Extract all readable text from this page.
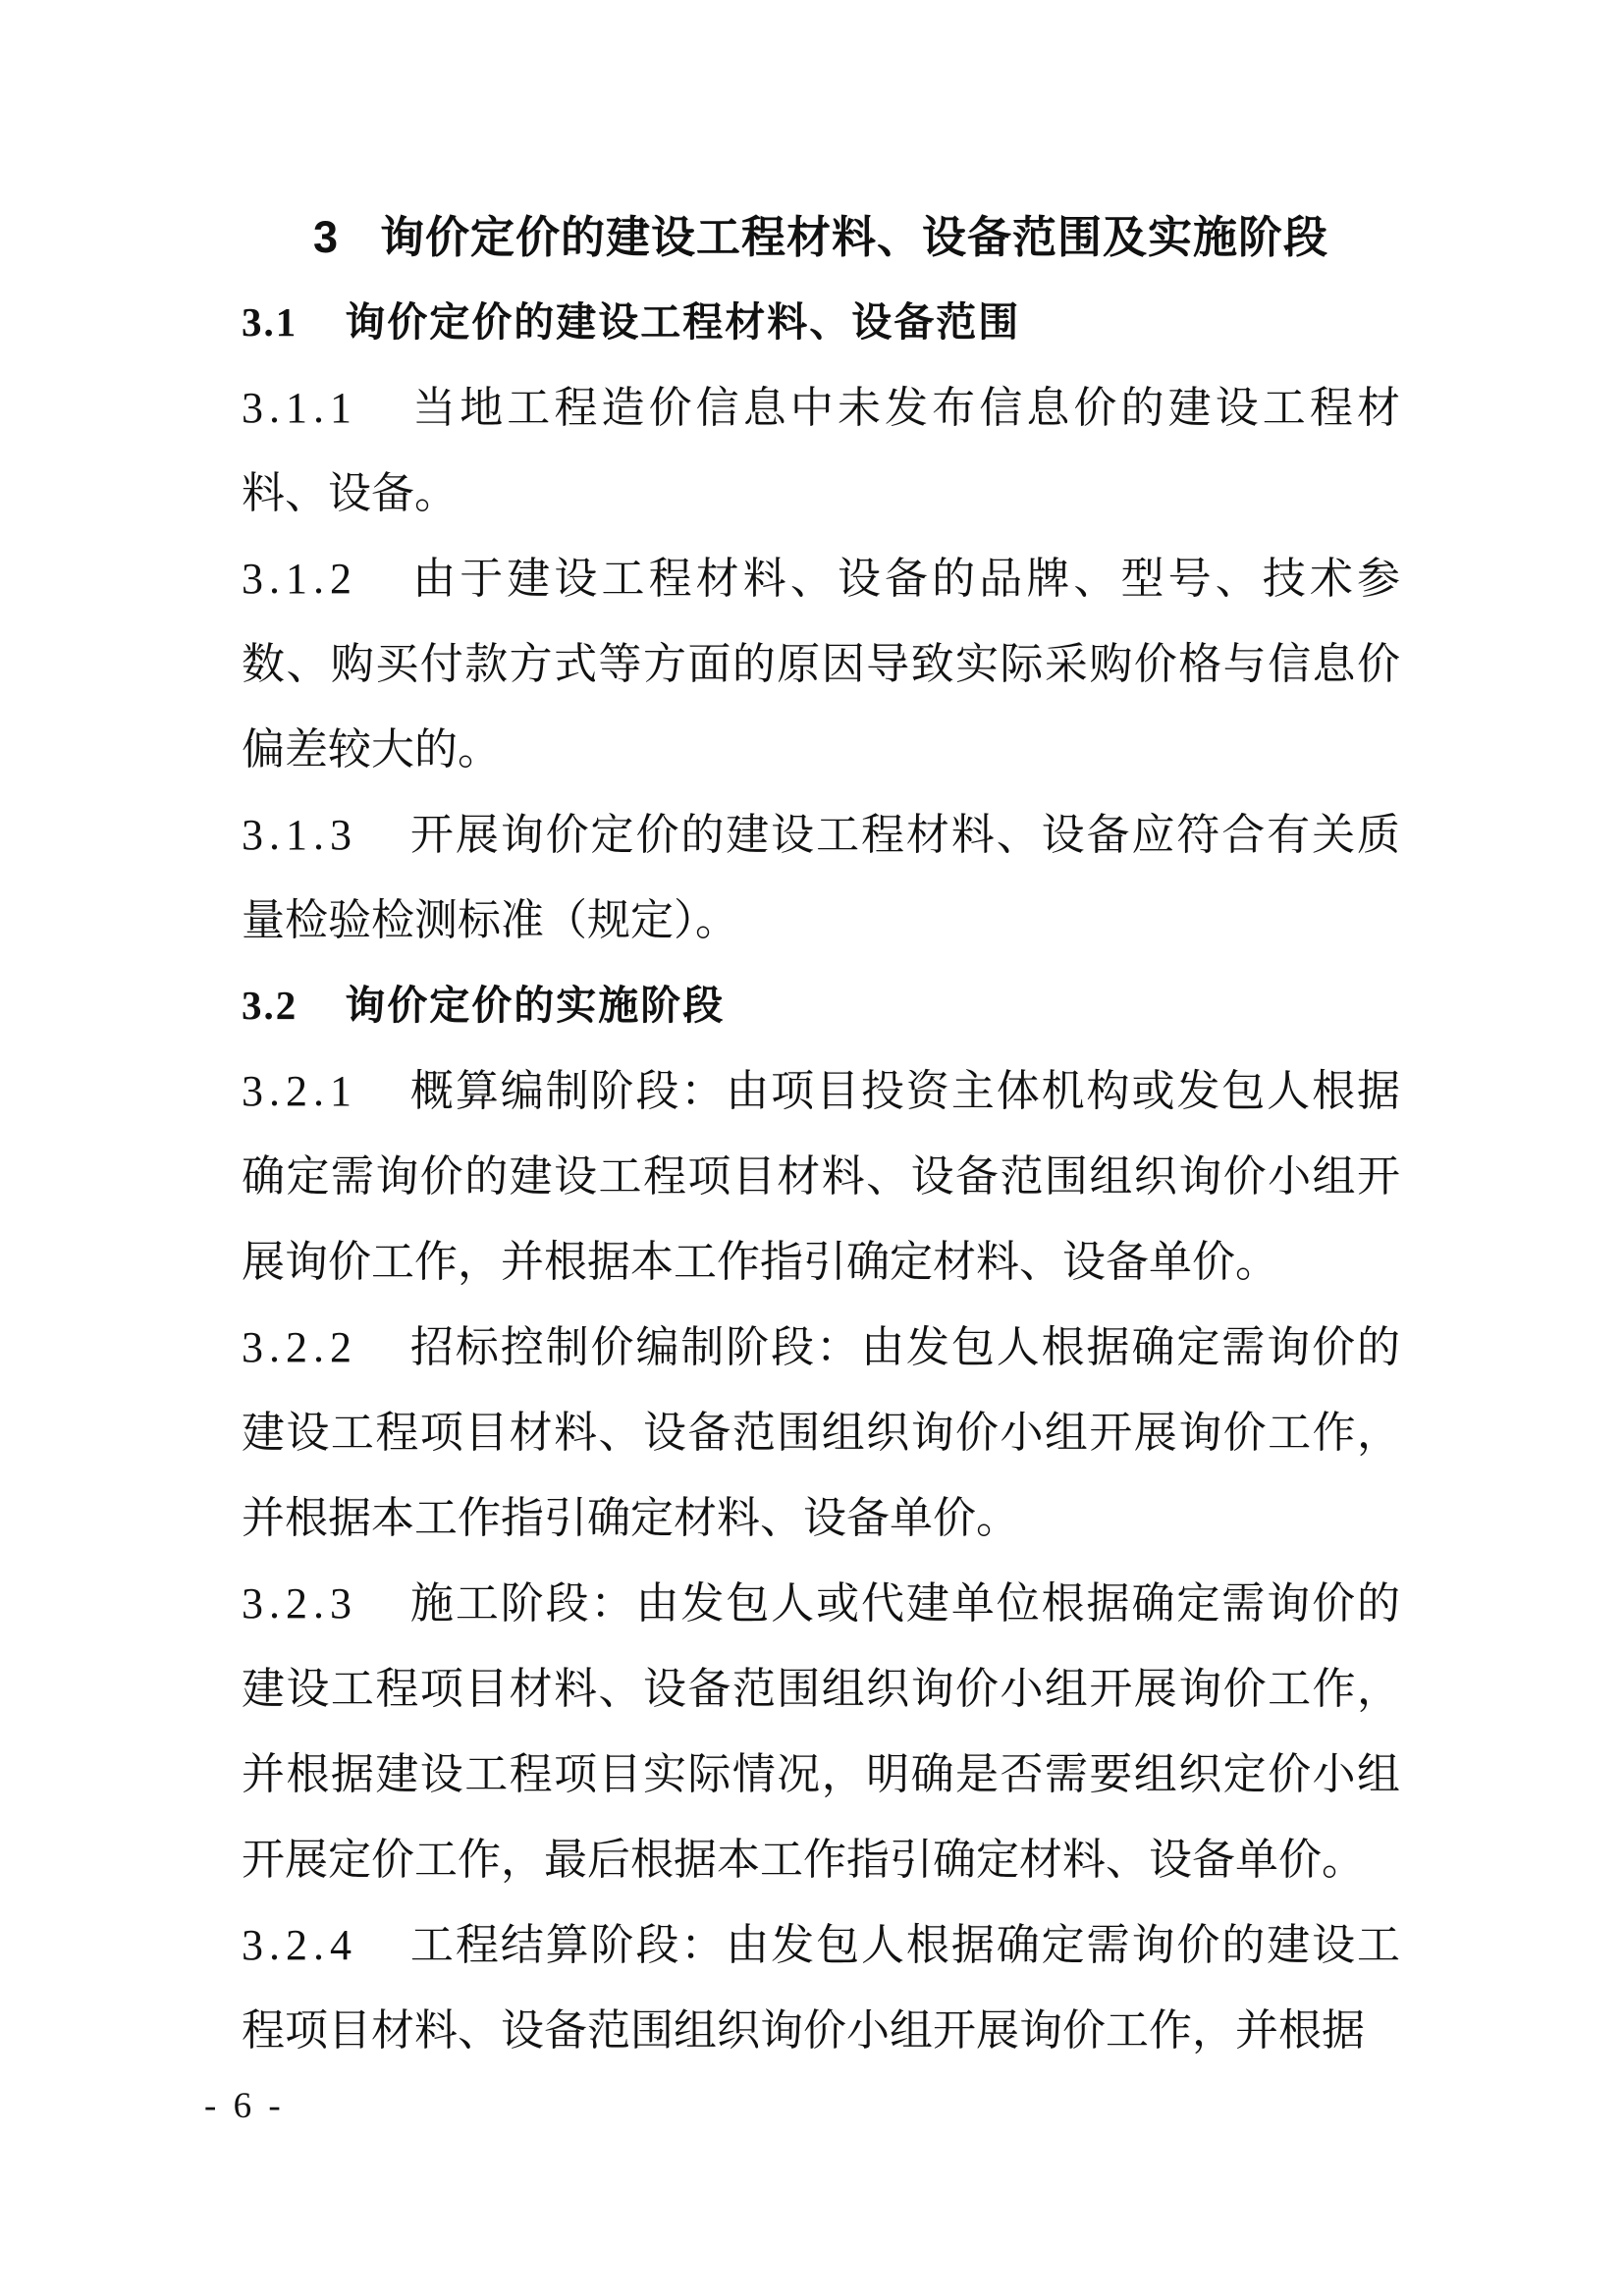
3 询价定价的建设工程材料、设备范围及实施阶段
3.1 询价定价的建设工程材料、设备范围

3.1.1 当地工程造价信息中未发布信息价的建设工程材料、设备。

3.1.2 由于建设工程材料、设备的品牌、型号、技术参数、购买付款方式等方面的原因导致实际采购价格与信息价偏差较大的。

3.1.3 开展询价定价的建设工程材料、设备应符合有关质量检验检测标准（规定）。

3.2 询价定价的实施阶段

3.2.1 概算编制阶段：由项目投资主体机构或发包人根据确定需询价的建设工程项目材料、设备范围组织询价小组开展询价工作，并根据本工作指引确定材料、设备单价。

3.2.2 招标控制价编制阶段：由发包人根据确定需询价的建设工程项目材料、设备范围组织询价小组开展询价工作，并根据本工作指引确定材料、设备单价。

3.2.3 施工阶段：由发包人或代建单位根据确定需询价的建设工程项目材料、设备范围组织询价小组开展询价工作，并根据建设工程项目实际情况，明确是否需要组织定价小组开展定价工作，最后根据本工作指引确定材料、设备单价。

3.2.4 工程结算阶段：由发包人根据确定需询价的建设工程项目材料、设备范围组织询价小组开展询价工作，并根据

- 6 -
